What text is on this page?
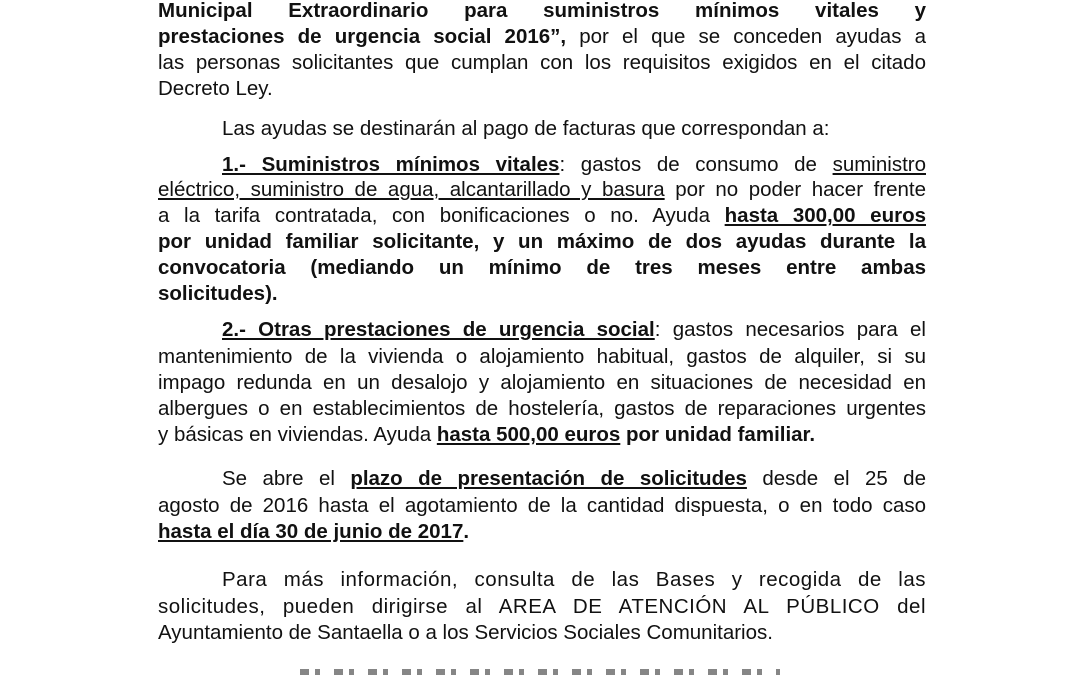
Municipal Extraordinario para suministros mínimos vitales y
prestaciones de urgencia social 2016”, por el que se conceden ayudas a
las personas solicitantes que cumplan con los requisitos exigidos en el citado
Decreto Ley.
Las ayudas se destinarán al pago de facturas que correspondan a:
1.- Suministros mínimos vitales: gastos de consumo de suministro
eléctrico, suministro de agua, alcantarillado y basura por no poder hacer frente
a la tarifa contratada, con bonificaciones o no. Ayuda hasta 300,00 euros
por unidad familiar solicitante, y un máximo de dos ayudas durante la
convocatoria (mediando un mínimo de tres meses entre ambas
solicitudes).
2.- Otras prestaciones de urgencia social: gastos necesarios para el
mantenimiento de la vivienda o alojamiento habitual, gastos de alquiler, si su
impago redunda en un desalojo y alojamiento en situaciones de necesidad en
albergues o en establecimientos de hostelería, gastos de reparaciones urgentes
y básicas en viviendas. Ayuda hasta 500,00 euros por unidad familiar.
Se abre el plazo de presentación de solicitudes desde el 25 de
agosto de 2016 hasta el agotamiento de la cantidad dispuesta, o en todo caso
hasta el día 30 de junio de 2017.
Para más información, consulta de las Bases y recogida de las
solicitudes, pueden dirigirse al AREA DE ATENCIÓN AL PÚBLICO del
Ayuntamiento de Santaella o a los Servicios Sociales Comunitarios.
